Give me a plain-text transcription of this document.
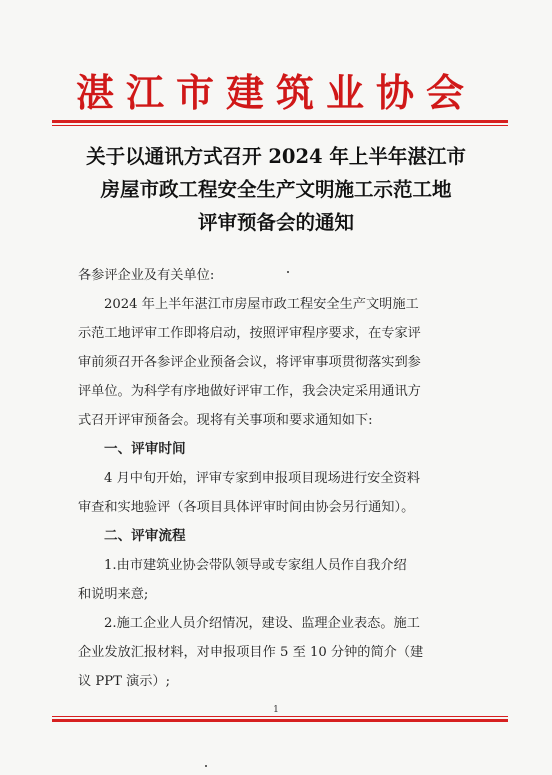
湛江市建筑业协会
关于以通讯方式召开 2024 年上半年湛江市
房屋市政工程安全生产文明施工示范工地
评审预备会的通知
各参评企业及有关单位:
2024 年上半年湛江市房屋市政工程安全生产文明施工
示范工地评审工作即将启动，按照评审程序要求，在专家评
审前须召开各参评企业预备会议，将评审事项贯彻落实到参
评单位。为科学有序地做好评审工作，我会决定采用通讯方
式召开评审预备会。现将有关事项和要求通知如下:
一、评审时间
4 月中旬开始，评审专家到申报项目现场进行安全资料
审查和实地验评（各项目具体评审时间由协会另行通知）。
二、评审流程
1.由市建筑业协会带队领导或专家组人员作自我介绍
和说明来意;
2.施工企业人员介绍情况，建设、监理企业表态。施工
企业发放汇报材料，对申报项目作 5 至 10 分钟的简介（建
议 PPT 演示）;
1
